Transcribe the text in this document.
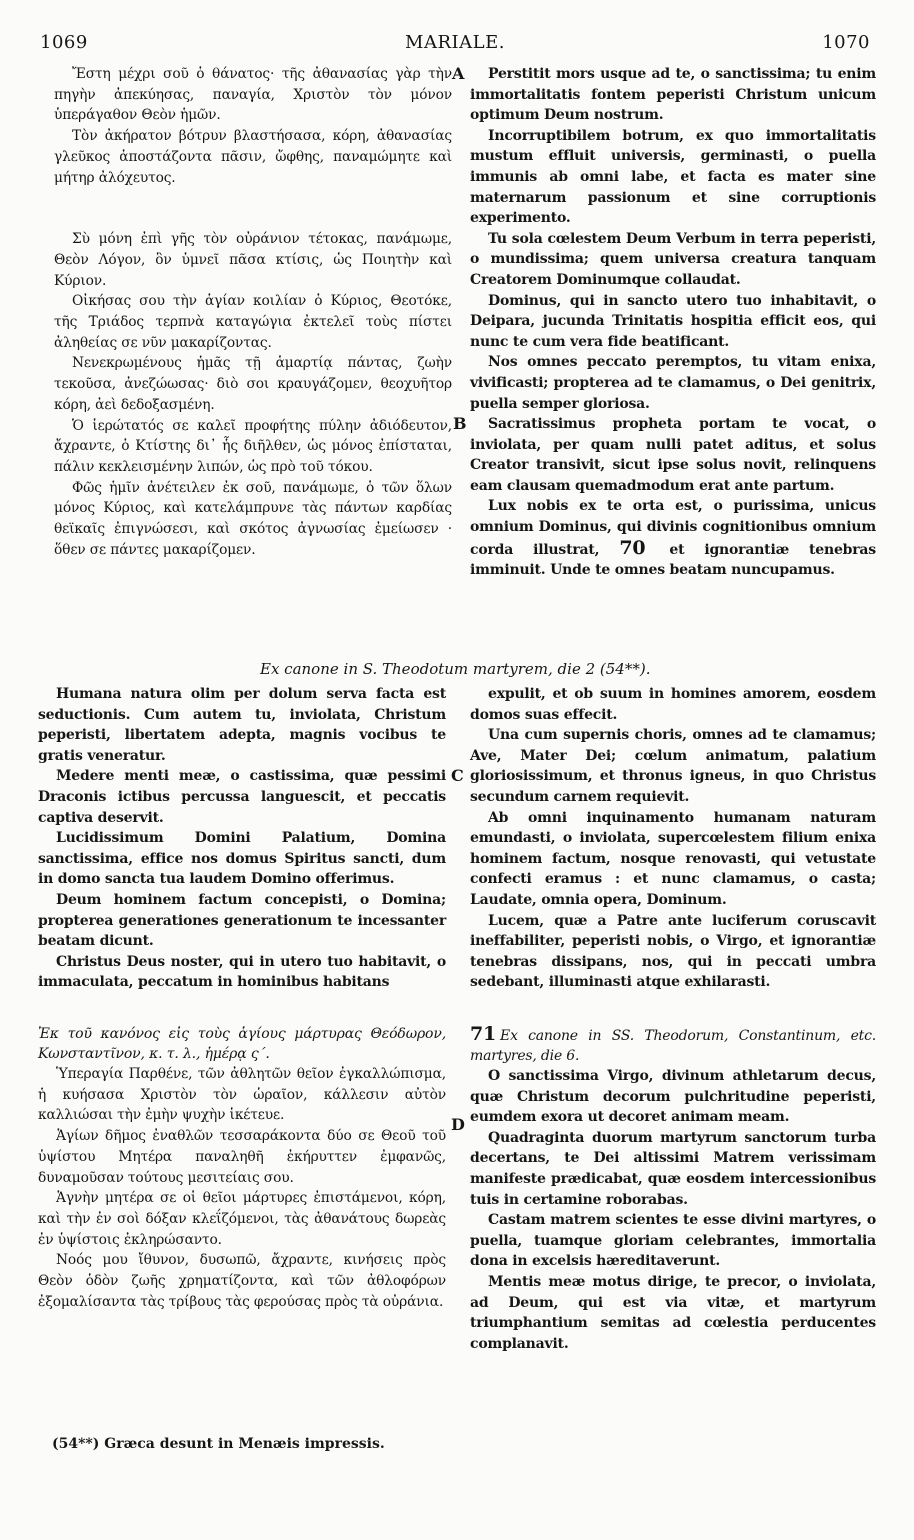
1069	MARIALE.	1070

Ἔστη μέχρι σοῦ ὁ θάνατος· τῆς ἀθανασίας γὰρ τὴν πηγὴν ἀπεκύησας, παναγία, Χριστὸν τὸν μόνον ὑπεράγαθον Θεὸν ἡμῶν.

Τὸν ἀκήρατον βότρυν βλαστήσασα, κόρη, ἀθανασίας γλεῦκος ἀποστάζοντα πᾶσιν, ὤφθης, παναμώμητε καὶ μήτηρ ἀλόχευτος.

Σὺ μόνη ἐπὶ γῆς τὸν οὐράνιον τέτοκας, πανάμωμε, Θεὸν Λόγον, ὃν ὑμνεῖ πᾶσα κτίσις, ὡς Ποιητὴν καὶ Κύριον.

Οἰκήσας σου τὴν ἁγίαν κοιλίαν ὁ Κύριος, Θεοτόκε, τῆς Τριάδος τερπνὰ καταγώγια ἐκτελεῖ τοὺς πίστει ἀληθείας σε νῦν μακαρίζοντας.

Νενεκρωμένους ἡμᾶς τῇ ἁμαρτίᾳ πάντας, ζωὴν τεκοῦσα, ἀνεζώωσας· διὸ σοι κραυγάζομεν, θεοχυῆτορ κόρη, ἀεὶ δεδοξασμένη.

Ὁ ἱερώτατός σε καλεῖ προφήτης πύλην ἀδιόδευτον, ἄχραντε, ὁ Κτίστης δι᾿ ἧς διῆλθεν, ὡς μόνος ἐπίσταται, πάλιν κεκλεισμένην λιπών, ὡς πρὸ τοῦ τόκου.

Φῶς ἡμῖν ἀνέτειλεν ἐκ σοῦ, πανάμωμε, ὁ τῶν ὅλων μόνος Κύριος, καὶ κατελάμπρυνε τὰς πάντων καρδίας θεϊκαῖς ἐπιγνώσεσι, καὶ σκότος ἀγνωσίας ἐμείωσεν · ὅθεν σε πάντες μακαρίζομεν.

Perstitit mors usque ad te, o sanctissima; tu enim immortalitatis fontem peperisti Christum unicum optimum Deum nostrum.

Incorruptibilem botrum, ex quo immortalitatis mustum effluit universis, germinasti, o puella immunis ab omni labe, et facta es mater sine maternarum passionum et sine corruptionis experimento.

Tu sola cœlestem Deum Verbum in terra peperisti, o mundissima; quem universa creatura tanquam Creatorem Dominumque collaudat.

Dominus, qui in sancto utero tuo inhabitavit, o Deipara, jucunda Trinitatis hospitia efficit eos, qui nunc te cum vera fide beatificant.

Nos omnes peccato peremptos, tu vitam enixa, vivificasti; propterea ad te clamamus, o Dei genitrix, puella semper gloriosa.

Sacratissimus propheta portam te vocat, o inviolata, per quam nulli patet aditus, et solus Creator transivit, sicut ipse solus novit, relinquens eam clausam quemadmodum erat ante partum.

Lux nobis ex te orta est, o purissima, unicus omnium Dominus, qui divinis cognitionibus omnium corda illustrat, 70 et ignorantiæ tenebras imminuit. Unde te omnes beatam nuncupamus.

Ex canone in S. Theodotum martyrem, die 2 (54**).

Humana natura olim per dolum serva facta est seductionis. Cum autem tu, inviolata, Christum peperisti, libertatem adepta, magnis vocibus te gratis veneratur.

Medere menti meæ, o castissima, quæ pessimi Draconis ictibus percussa languescit, et peccatis captiva deservit.

Lucidissimum Domini Palatium, Domina sanctissima, effice nos domus Spiritus sancti, dum in domo sancta tua laudem Domino offerimus.

Deum hominem factum concepisti, o Domina; propterea generationes generationum te incessanter beatam dicunt.

Christus Deus noster, qui in utero tuo habitavit, o immaculata, peccatum in hominibus habitans

expulit, et ob suum in homines amorem, eosdem domos suas effecit.

Una cum supernis choris, omnes ad te clamamus; Ave, Mater Dei; cœlum animatum, palatium gloriosissimum, et thronus igneus, in quo Christus secundum carnem requievit.

Ab omni inquinamento humanam naturam emundasti, o inviolata, supercœlestem filium enixa hominem factum, nosque renovasti, qui vetustate confecti eramus : et nunc clamamus, o casta; Laudate, omnia opera, Dominum.

Lucem, quæ a Patre ante luciferum coruscavit ineffabiliter, peperisti nobis, o Virgo, et ignorantiæ tenebras dissipans, nos, qui in peccati umbra sedebant, illuminasti atque exhilarasti.

Ἐκ τοῦ κανόνος εἰς τοὺς ἁγίους μάρτυρας Θεόδωρον, Κωνσταντῖνον, κ. τ. λ., ἡμέρᾳ ς΄.

Ὑπεραγία Παρθένε, τῶν ἀθλητῶν θεῖον ἐγκαλλώπισμα, ἡ κυήσασα Χριστὸν τὸν ὡραῖον, κάλλεσιν αὐτὸν καλλιώσαι τὴν ἐμὴν ψυχὴν ἱκέτευε.

Ἁγίων δῆμος ἐναθλῶν τεσσαράκοντα δύο σε Θεοῦ τοῦ ὑψίστου Μητέρα παναληθῆ ἐκήρυττεν ἐμφανῶς, δυναμοῦσαν τούτους μεσιτείαις σου.

Ἁγνὴν μητέρα σε οἱ θεῖοι μάρτυρες ἐπιστάμενοι, κόρη, καὶ τὴν ἐν σοὶ δόξαν κλεΐζόμενοι, τὰς ἀθανάτους δωρεὰς ἐν ὑψίστοις ἐκληρώσαντο.

Νοός μου ἴθυνον, δυσωπῶ, ἄχραντε, κινήσεις πρὸς Θεὸν ὁδὸν ζωῆς χρηματίζοντα, καὶ τῶν ἀθλοφόρων ἐξομαλίσαντα τὰς τρίβους τὰς φερούσας πρὸς τὰ οὐράνια.

71 Ex canone in SS. Theodorum, Constantinum, etc. martyres, die 6.

O sanctissima Virgo, divinum athletarum decus, quæ Christum decorum pulchritudine peperisti, eumdem exora ut decoret animam meam.

Quadraginta duorum martyrum sanctorum turba decertans, te Dei altissimi Matrem verissimam manifeste prædicabat, quæ eosdem intercessionibus tuis in certamine roborabas.

Castam matrem scientes te esse divini martyres, o puella, tuamque gloriam celebrantes, immortalia dona in excelsis hæreditaverunt.

Mentis meæ motus dirige, te precor, o inviolata, ad Deum, qui est via vitæ, et martyrum triumphantium semitas ad cœlestia perducentes complanavit.

(54**) Græca desunt in Menæis impressis.
A
B
C
D
